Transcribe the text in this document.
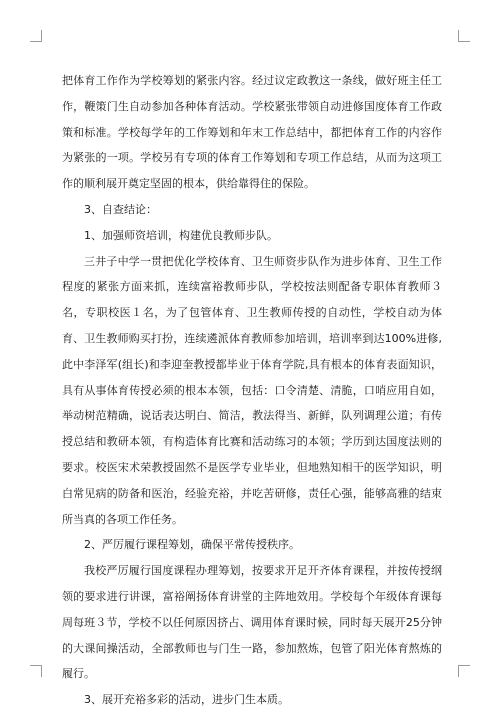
把体育工作作为学校筹划的紧张内容。经过议定政教这一条线，做好班主任工作，鞭策门生自动参加各种体育活动。学校紧张带领自动进修国度体育工作政策和标准。学校每学年的工作筹划和年末工作总结中，都把体育工作的内容作为紧张的一项。学校另有专项的体育工作筹划和专项工作总结，从而为这项工作的顺利展开奠定坚固的根本，供给靠得住的保险。

3、自查结论：

1、加强师资培训，构建优良教师步队。

三井子中学一贯把优化学校体育、卫生师资步队作为进步体育、卫生工作程度的紧张方面来抓，连续富裕教师步队，学校按法则配备专职体育教师３名，专职校医１名，为了包管体育、卫生教师传授的自动性，学校自动为体育、卫生教师购买打扮，连续遴派体育教师参加培训，培训率到达100%进修,此中李泽军(组长)和李迎奎教授都毕业于体育学院,具有根本的体育表面知识，具有从事体育传授必须的根本本领，包括：口令清楚、清脆，口哨应用自如，举动树范精确，说话表达明白、简洁，教法得当、新鲜，队列调理公道；有传授总结和教研本领，有构造体育比赛和活动练习的本领；学历到达国度法则的要求。校医宋术荣教授固然不是医学专业毕业，但地熟知相干的医学知识，明白常见病的防备和医治，经验充裕，并吃苦研修，责任心强，能够高雅的结束所当真的各项工作任务。

2、严厉履行课程筹划，确保平常传授秩序。

我校严厉履行国度课程办理筹划，按要求开足开齐体育课程，并按传授纲领的要求进行讲课，富裕阐扬体育讲堂的主阵地效用。学校每个年级体育课每周每班３节，学校不以任何原因挤占、调用体育课时候，同时每天展开25分钟的大课间操活动，全部教师也与门生一路，参加熬炼，包管了阳光体育熬炼的履行。

3、展开充裕多彩的活动，进步门生本质。
